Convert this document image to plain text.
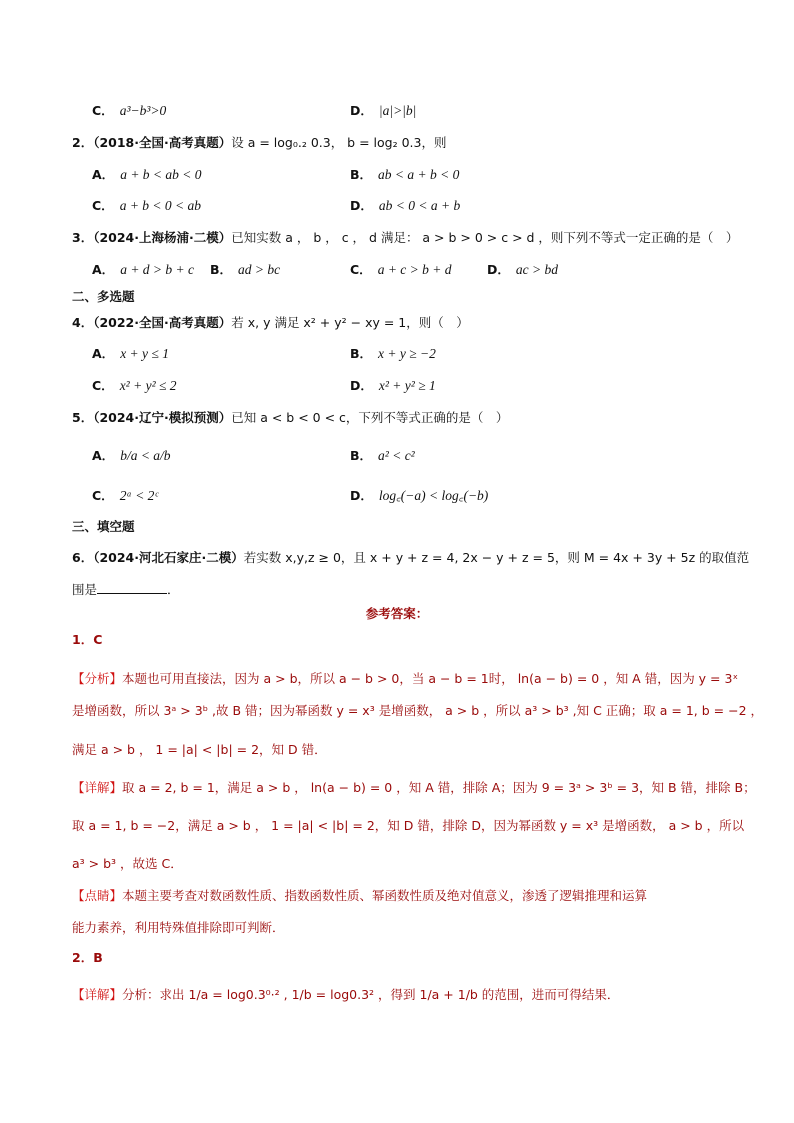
C． a³−b³>0	D． |a|>|b|
2．（2018·全国·高考真题）设 a = log₀.₂ 0.3， b = log₂ 0.3，则
A． a + b < ab < 0	B． ab < a + b < 0
C． a + b < 0 < ab	D． ab < 0 < a + b
3．（2024·上海杨浦·二模）已知实数 a ， b ， c ， d 满足： a > b > 0 > c > d ，则下列不等式一定正确的是（　）
A． a + d > b + c B． ad > bc	C． a + c > b + d	D． ac > bd
二、多选题
4．（2022·全国·高考真题）若 x, y 满足 x² + y² − xy = 1，则（　）
A． x + y ≤ 1	B． x + y ≥ −2
C． x² + y² ≤ 2	D． x² + y² ≥ 1
5．（2024·辽宁·模拟预测）已知 a < b < 0 < c，下列不等式正确的是（　）
A． b/a < a/b	B． a² < c²
C． 2ᵃ < 2ᶜ	D． log꜀(−a) < log꜀(−b)
三、填空题
6．（2024·河北石家庄·二模）若实数 x,y,z ≥ 0，且 x + y + z = 4, 2x − y + z = 5，则 M = 4x + 3y + 5z 的取值范
围是	．
参考答案：
1．C
【分析】本题也可用直接法，因为 a > b，所以 a − b > 0，当 a − b = 1时， ln(a − b) = 0 ，知 A 错，因为 y = 3ˣ
是增函数，所以 3ᵃ > 3ᵇ ,故 B 错；因为幂函数 y = x³ 是增函数， a > b ，所以 a³ > b³ ,知 C 正确；取 a = 1, b = −2 ，
满足 a > b ， 1 = |a| < |b| = 2，知 D 错．
【详解】取 a = 2, b = 1，满足 a > b ， ln(a − b) = 0 ，知 A 错，排除 A；因为 9 = 3ᵃ > 3ᵇ = 3，知 B 错，排除 B；
取 a = 1, b = −2，满足 a > b ， 1 = |a| < |b| = 2，知 D 错，排除 D，因为幂函数 y = x³ 是增函数， a > b ，所以
a³ > b³ ，故选 C．
【点睛】本题主要考查对数函数性质、指数函数性质、幂函数性质及绝对值意义，渗透了逻辑推理和运算
能力素养，利用特殊值排除即可判断．
2．B
【详解】分析：求出 1/a = log0.3⁰·² , 1/b = log0.3² ，得到 1/a + 1/b 的范围，进而可得结果．
